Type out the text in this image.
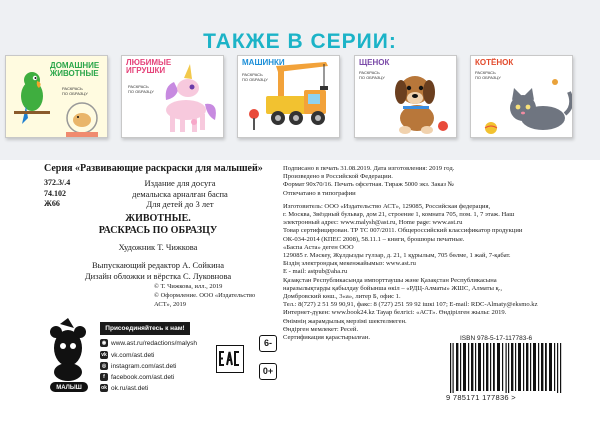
ТАКЖЕ В СЕРИИ:
ДОМАШНИЕ ЖИВОТНЫЕ
РАСКРАСЬ ПО ОБРАЗЦУ
ЛЮБИМЫЕ ИГРУШКИ
РАСКРАСЬ ПО ОБРАЗЦУ
МАШИНКИ
РАСКРАСЬ ПО ОБРАЗЦУ
ЩЕНОК
РАСКРАСЬ ПО ОБРАЗЦУ
КОТЁНОК
РАСКРАСЬ ПО ОБРАЗЦУ
Серия «Развивающие раскраски для малышей»
372.3/.4
74.102
Ж66
Издание для досуга
демалыска арналған баспа
Для детей до 3 лет
ЖИВОТНЫЕ.
РАСКРАСЬ ПО ОБРАЗЦУ
Художник Т. Чижкова
Выпускающий редактор А. Сойкина
Дизайн обложки и вёрстка С. Луковнова
© Т. Чижкова, илл., 2019
© Оформление. ООО «Издательство АСТ», 2019
Подписано в печать 31.08.2019. Дата изготовления: 2019 год.
Произведено в Российской Федерации.
Формат 90х70/16. Печать офсетная. Тираж 5000 экз. Заказ №
Отпечатано в типографии
Изготовитель: ООО «Издательство АСТ», 129085, Российская федерация,
г. Москва, Звёздный бульвар, дом 21, строение 1, комната 705, пом. 1, 7 этаж. Наш
электронный адрес: www.malysh@ast.ru, Home page: www.ast.ru
Товар сертифицирован. ТР ТС 007/2011. Общероссийский классификатор продукции
ОК-034-2014 (КПЕС 2008), 58.11.1 – книги, брошюры печатные.
«Баспа Аста» деген ООО
129085 г. Мәскеу, Жұлдызды гүлзар, д. 21, 1 құрылым, 705 бөлме, 1 жай, 7-қабат.
Біздің электрондық мекенжайымыз: www.ast.ru
E - mail: astpub@aha.ru
Қазақстан Республикасында импорттаушы және Қазақстан Республикасына
наразылықтарды қабылдау бойынша өкіл – «РДЦ-Алматы» ЖШС, Алматы қ.,
Домбровский көш., 3«а», литер Б, офис 1.
Тел.: 8(727) 2 51 59 90,91, факс: 8 (727) 251 59 92 ішкі 107; E-mail: RDC-Almaty@eksmo.kz
Интернет-дүкен: www.book24.kz Тауар белгісі: «АСТ». Өндірілген жылы: 2019.
Өнімнің жарамдылық мерзімі шектелмеген.
Өндірген мемлекет: Ресей.
Сертификация қарастырылған.
МАЛЫШ
Присоединяйтесь к нам!
◉ www.ast.ru/redactions/malysh
vk vk.com/ast.deti
◎ instagram.com/ast.deti
f facebook.com/ast.deti
ok ok.ru/ast.deti
6-
0+
ISBN 978-5-17-117783-6
9 785171 177836 >
